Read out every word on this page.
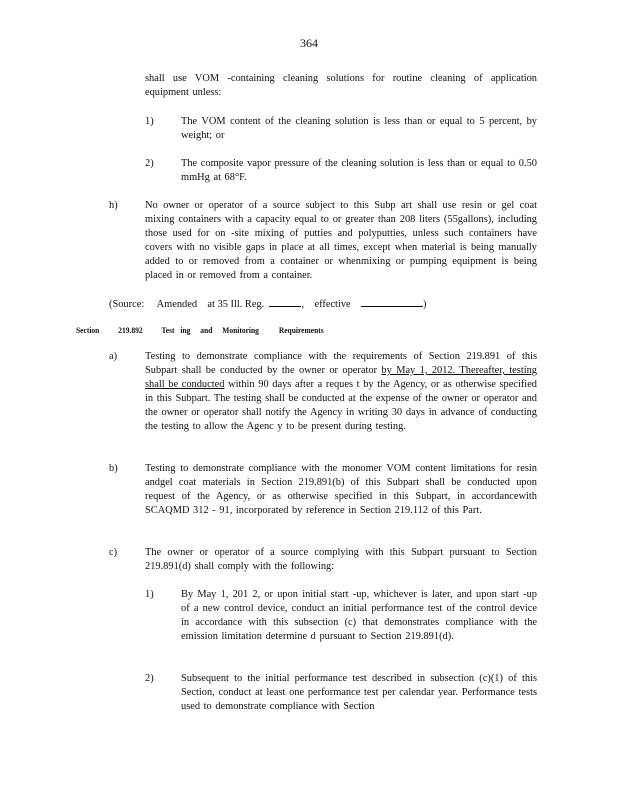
364

shall use VOM -containing cleaning solutions for routine cleaning of application equipment unless:

1)	The VOM content of the cleaning solution is less than or equal to 5 percent, by weight; or

2)	The composite vapor pressure of the cleaning solution is less than or equal to 0.50 mmHg at 68°F.

h)	No owner or operator of a source subject to this Subp art shall use resin or gel coat mixing containers with a capacity equal to or greater than 208 liters (55gallons), including those used for on -site mixing of putties and polyputties, unless such containers have covers with no visible gaps in place at all times, except when material is being manually added to or removed from a container or whenmixing or pumping equipment is being placed in or removed from a container.

(Source: Amended at 35 Ill. Reg.	, effective	)
Section	219.892	Test ing and Monitoring	Requirements
a)	Testing to demonstrate compliance with the requirements of Section 219.891 of this Subpart shall be conducted by the owner or operator by May 1, 2012. Thereafter, testing shall be conducted within 90 days after a reques t by the Agency, or as otherwise specified in this Subpart. The testing shall be conducted at the expense of the owner or operator and the owner or operator shall notify the Agency in writing 30 days in advance of conducting the testing to allow the Agenc y to be present during testing.

b)	Testing to demonstrate compliance with the monomer VOM content limitations for resin andgel coat materials in Section 219.891(b) of this Subpart shall be conducted upon request of the Agency, or as otherwise specified in this Subpart, in accordancewith SCAQMD 312 - 91, incorporated by reference in Section 219.112 of this Part.

c)	The owner or operator of a source complying with this Subpart pursuant to Section 219.891(d) shall comply with the following:

1)	By May 1, 201 2, or upon initial start -up, whichever is later, and upon start -up of a new control device, conduct an initial performance test of the control device in accordance with this subsection (c) that demonstrates compliance with the emission limitation determine d pursuant to Section 219.891(d).

2)	Subsequent to the initial performance test described in subsection (c)(1) of this Section, conduct at least one performance test per calendar year. Performance tests used to demonstrate compliance with Section
